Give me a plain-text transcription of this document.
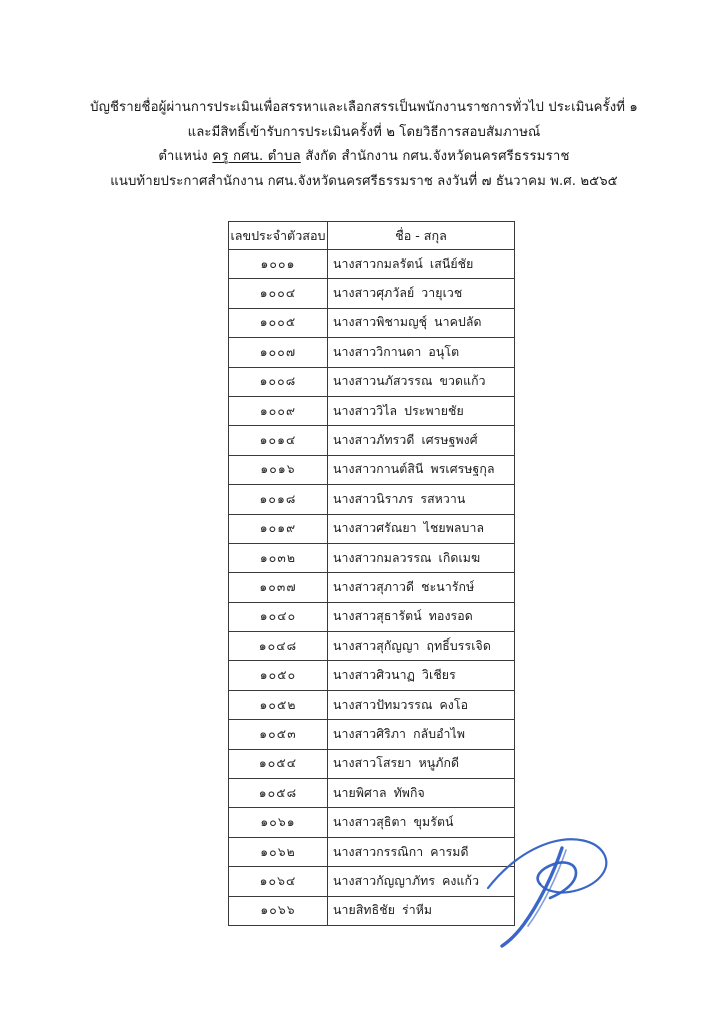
บัญชีรายชื่อผู้ผ่านการประเมินเพื่อสรรหาและเลือกสรรเป็นพนักงานราชการทั่วไป ประเมินครั้งที่ ๑
และมีสิทธิ์เข้ารับการประเมินครั้งที่ ๒ โดยวิธีการสอบสัมภาษณ์
ตำแหน่ง ครู กศน. ตำบล สังกัด สำนักงาน กศน.จังหวัดนครศรีธรรมราช
แนบท้ายประกาศสำนักงาน กศน.จังหวัดนครศรีธรรมราช ลงวันที่ ๗ ธันวาคม พ.ศ. ๒๕๖๕
เลขประจำตัวสอบ	ชื่อ - สกุล
๑๐๐๑	นางสาวกมลรัตน์ เสนีย์ชัย
๑๐๐๔	นางสาวศุภวัลย์ วายุเวช
๑๐๐๕	นางสาวพิชามญชุ์ นาคปลัด
๑๐๐๗	นางสาววิกานดา อนุโต
๑๐๐๘	นางสาวนภัสวรรณ ขวดแก้ว
๑๐๐๙	นางสาววิไล ประพายชัย
๑๐๑๔	นางสาวภัทรวดี เศรษฐพงศ์
๑๐๑๖	นางสาวกานต์สินี พรเศรษฐกุล
๑๐๑๘	นางสาวนิราภร รสหวาน
๑๐๑๙	นางสาวศรัณยา ไชยพลบาล
๑๐๓๒	นางสาวกมลวรรณ เกิดเมฆ
๑๐๓๗	นางสาวสุภาวดี ชะนารักษ์
๑๐๔๐	นางสาวสุธารัตน์ ทองรอด
๑๐๔๘	นางสาวสุกัญญา ฤทธิ์บรรเจิด
๑๐๕๐	นางสาวศิวนาฏ วิเชียร
๑๐๕๒	นางสาวปัทมวรรณ คงโอ
๑๐๕๓	นางสาวศิริภา กลับอำไพ
๑๐๕๔	นางสาวโสรยา หนูภักดี
๑๐๕๘	นายพิศาล ทัพกิจ
๑๐๖๑	นางสาวสุธิตา ขุมรัตน์
๑๐๖๒	นางสาวกรรณิกา คารมดี
๑๐๖๔	นางสาวกัญญาภัทร คงแก้ว
๑๐๖๖	นายสิทธิชัย ร่าหีม
